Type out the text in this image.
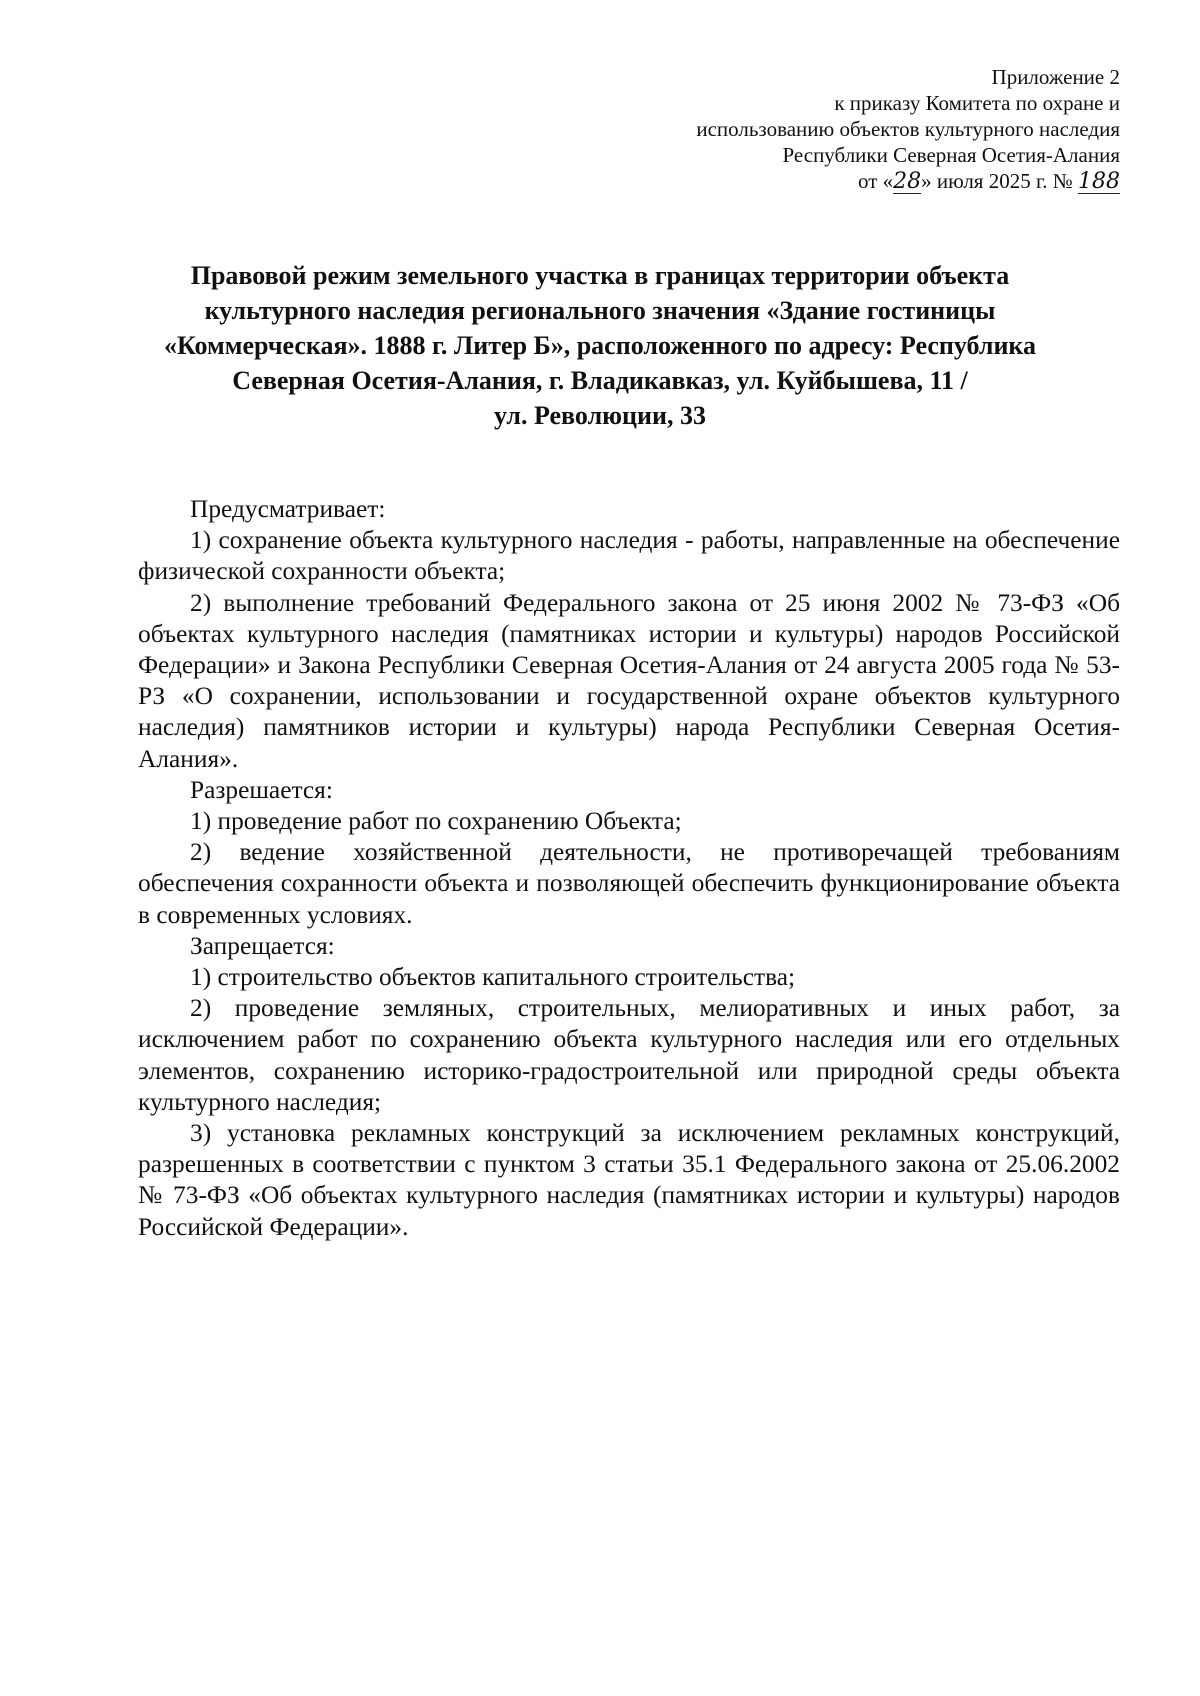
Приложение 2
к приказу Комитета по охране и
использованию объектов культурного наследия
Республики Северная Осетия-Алания
от «28» июля 2025 г. № 188
Правовой режим земельного участка в границах территории объекта
культурного наследия регионального значения «Здание гостиницы
«Коммерческая». 1888 г. Литер Б», расположенного по адресу: Республика
Северная Осетия-Алания, г. Владикавказ, ул. Куйбышева, 11 /
ул. Революции, 33

Предусматривает:

1) сохранение объекта культурного наследия - работы, направленные на обеспечение физической сохранности объекта;

2) выполнение требований Федерального закона от 25 июня 2002 № 73-ФЗ «Об объектах культурного наследия (памятниках истории и культуры) народов Российской Федерации» и Закона Республики Северная Осетия-Алания от 24 августа 2005 года № 53-РЗ «О сохранении, использовании и государственной охране объектов культурного наследия) памятников истории и культуры) народа Республики Северная Осетия-Алания».

Разрешается:

1) проведение работ по сохранению Объекта;

2) ведение хозяйственной деятельности, не противоречащей требованиям обеспечения сохранности объекта и позволяющей обеспечить функционирование объекта в современных условиях.

Запрещается:

1) строительство объектов капитального строительства;

2) проведение земляных, строительных, мелиоративных и иных работ, за исключением работ по сохранению объекта культурного наследия или его отдельных элементов, сохранению историко-градостроительной или природной среды объекта культурного наследия;

3) установка рекламных конструкций за исключением рекламных конструкций, разрешенных в соответствии с пунктом 3 статьи 35.1 Федерального закона от 25.06.2002 № 73-ФЗ «Об объектах культурного наследия (памятниках истории и культуры) народов Российской Федерации».
